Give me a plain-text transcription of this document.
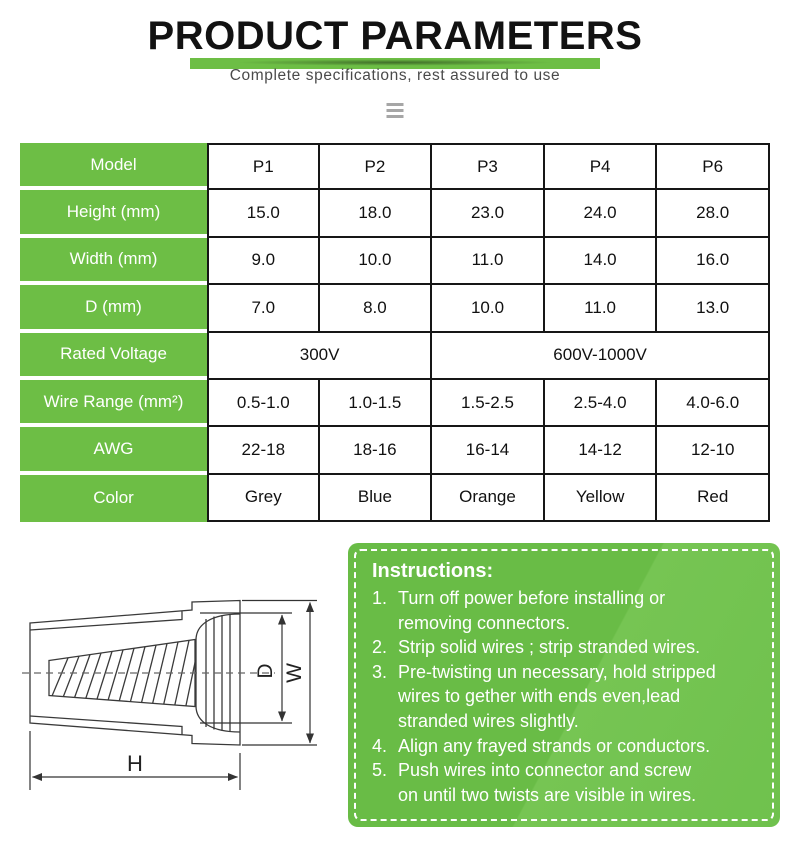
PRODUCT PARAMETERS
Complete specifications, rest assured to use
Model	P1	P2	P3	P4	P6
Height (mm)	15.0	18.0	23.0	24.0	28.0
Width (mm)	9.0	10.0	11.0	14.0	16.0
D (mm)	7.0	8.0	10.0	11.0	13.0
Rated Voltage	300V	600V-1000V
Wire Range (mm²)	0.5-1.0	1.0-1.5	1.5-2.5	2.5-4.0	4.0-6.0
AWG	22-18	18-16	16-14	14-12	12-10
Color	Grey	Blue	Orange	Yellow	Red
D W
H
Instructions:
1. Turn off power before installing or
removing connectors.
2. Strip solid wires ; strip stranded wires.
3. Pre-twisting un necessary, hold stripped
wires to gether with ends even,lead
stranded wires slightly.
4. Align any frayed strands or conductors.
5. Push wires into connector and screw
on until two twists are visible in wires.
